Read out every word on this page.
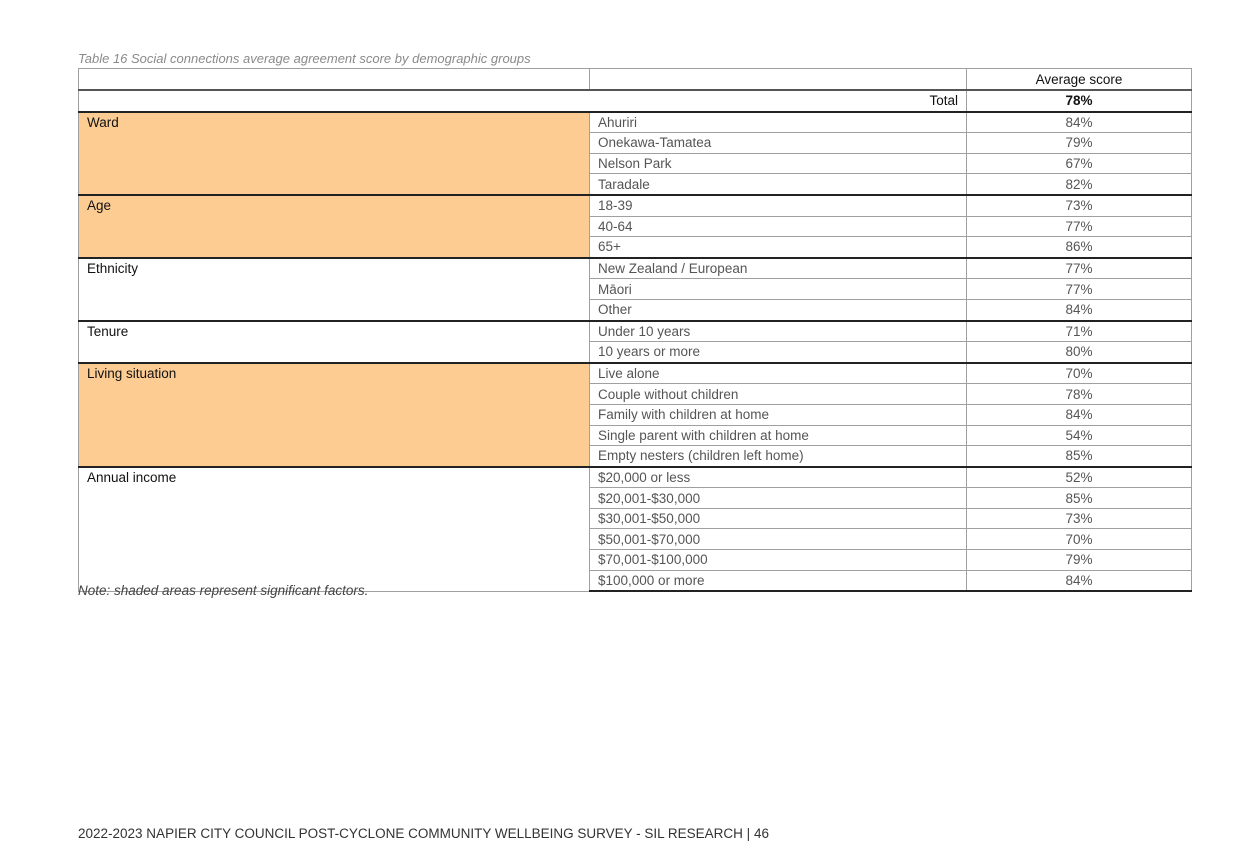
Table 16 Social connections average agreement score by demographic groups
		Average score
Total		78%
Ward	Ahuriri	84%
	Onekawa-Tamatea	79%
	Nelson Park	67%
	Taradale	82%
Age	18-39	73%
	40-64	77%
	65+	86%
Ethnicity	New Zealand / European	77%
	Māori	77%
	Other	84%
Tenure	Under 10 years	71%
	10 years or more	80%
Living situation	Live alone	70%
	Couple without children	78%
	Family with children at home	84%
	Single parent with children at home	54%
	Empty nesters (children left home)	85%
Annual income	$20,000 or less	52%
	$20,001-$30,000	85%
	$30,001-$50,000	73%
	$50,001-$70,000	70%
	$70,001-$100,000	79%
	$100,000 or more	84%
Note: shaded areas represent significant factors.
2022-2023 NAPIER CITY COUNCIL POST-CYCLONE COMMUNITY WELLBEING SURVEY - SIL RESEARCH | 46
